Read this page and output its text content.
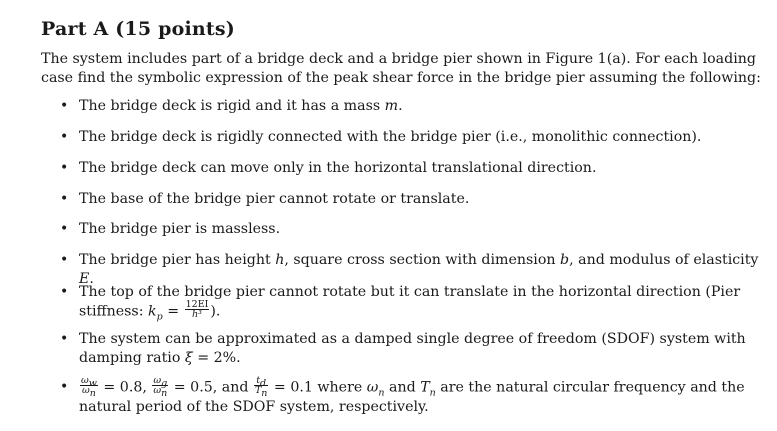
Part A (15 points)

The system includes part of a bridge deck and a bridge pier shown in Figure 1(a). For each loading case find the symbolic expression of the peak shear force in the bridge pier assuming the following:

• The bridge deck is rigid and it has a mass m.
• The bridge deck is rigidly connected with the bridge pier (i.e., monolithic connection).
• The bridge deck can move only in the horizontal translational direction.
• The base of the bridge pier cannot rotate or translate.
• The bridge pier is massless.
• The bridge pier has height h, square cross section with dimension b, and modulus of elasticity E.
• The top of the bridge pier cannot rotate but it can translate in the horizontal direction (Pier stiffness: $k_p = \frac{12EI}{\text{h³}}$ ).
• The system can be approximated as a damped single degree of freedom (SDOF) system with damping ratio ξ = 2%.
•	$\frac{\omega_w}{\omega_n} = 0.8$, $\frac{\omega_g}{\omega_n} = 0.5$, and $\frac{t_d}{T_n} = 0.1$ where $\omega_n$ and $T_n$ are the natural circular frequency and the natural period of the SDOF system, respectively.
